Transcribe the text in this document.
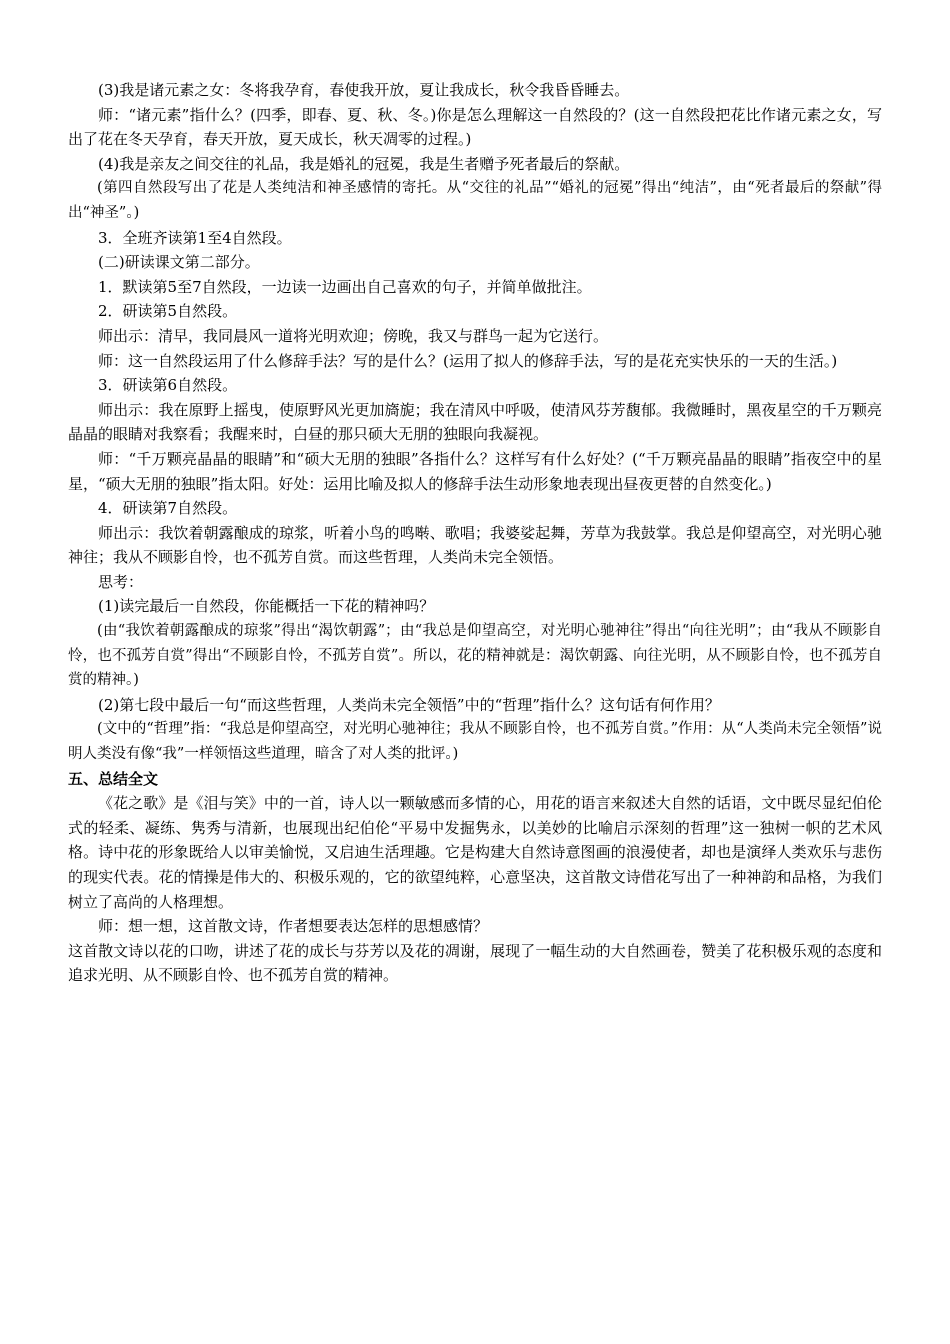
(3)我是诸元素之女：冬将我孕育，春使我开放，夏让我成长，秋令我昏昏睡去。

师：“诸元素”指什么？(四季，即春、夏、秋、冬。)你是怎么理解这一自然段的？(这一自然段把花比作诸元素之女，写出了花在冬天孕育，春天开放，夏天成长，秋天凋零的过程。)

(4)我是亲友之间交往的礼品，我是婚礼的冠冕，我是生者赠予死者最后的祭献。

(第四自然段写出了花是人类纯洁和神圣感情的寄托。从“交往的礼品”“婚礼的冠冕”得出“纯洁”，由“死者最后的祭献”得出“神圣”。)

3．全班齐读第1至4自然段。

(二)研读课文第二部分。

1．默读第5至7自然段，一边读一边画出自己喜欢的句子，并简单做批注。

2．研读第5自然段。

师出示：清早，我同晨风一道将光明欢迎；傍晚，我又与群鸟一起为它送行。

师：这一自然段运用了什么修辞手法？写的是什么？(运用了拟人的修辞手法，写的是花充实快乐的一天的生活。)

3．研读第6自然段。

师出示：我在原野上摇曳，使原野风光更加旖旎；我在清风中呼吸，使清风芬芳馥郁。我微睡时，黑夜星空的千万颗亮晶晶的眼睛对我察看；我醒来时，白昼的那只硕大无朋的独眼向我凝视。

师：“千万颗亮晶晶的眼睛”和“硕大无朋的独眼”各指什么？这样写有什么好处？(“千万颗亮晶晶的眼睛”指夜空中的星星，“硕大无朋的独眼”指太阳。好处：运用比喻及拟人的修辞手法生动形象地表现出昼夜更替的自然变化。)

4．研读第7自然段。

师出示：我饮着朝露酿成的琼浆，听着小鸟的鸣啭、歌唱；我婆娑起舞，芳草为我鼓掌。我总是仰望高空，对光明心驰神往；我从不顾影自怜，也不孤芳自赏。而这些哲理，人类尚未完全领悟。

思考：

(1)读完最后一自然段，你能概括一下花的精神吗？

(由“我饮着朝露酿成的琼浆”得出“渴饮朝露”；由“我总是仰望高空，对光明心驰神往”得出“向往光明”；由“我从不顾影自怜，也不孤芳自赏”得出“不顾影自怜，不孤芳自赏”。所以，花的精神就是：渴饮朝露、向往光明，从不顾影自怜，也不孤芳自赏的精神。)

(2)第七段中最后一句“而这些哲理，人类尚未完全领悟”中的“哲理”指什么？这句话有何作用？

(文中的“哲理”指：“我总是仰望高空，对光明心驰神往；我从不顾影自怜，也不孤芳自赏。”作用：从“人类尚未完全领悟”说明人类没有像“我”一样领悟这些道理，暗含了对人类的批评。)

五、总结全文

《花之歌》是《泪与笑》中的一首，诗人以一颗敏感而多情的心，用花的语言来叙述大自然的话语，文中既尽显纪伯伦式的轻柔、凝练、隽秀与清新，也展现出纪伯伦“平易中发掘隽永，以美妙的比喻启示深刻的哲理”这一独树一帜的艺术风格。诗中花的形象既给人以审美愉悦，又启迪生活理趣。它是构建大自然诗意图画的浪漫使者，却也是演绎人类欢乐与悲伤的现实代表。花的情操是伟大的、积极乐观的，它的欲望纯粹，心意坚决，这首散文诗借花写出了一种神韵和品格，为我们树立了高尚的人格理想。

师：想一想，这首散文诗，作者想要表达怎样的思想感情？

这首散文诗以花的口吻，讲述了花的成长与芬芳以及花的凋谢，展现了一幅生动的大自然画卷，赞美了花积极乐观的态度和追求光明、从不顾影自怜、也不孤芳自赏的精神。
